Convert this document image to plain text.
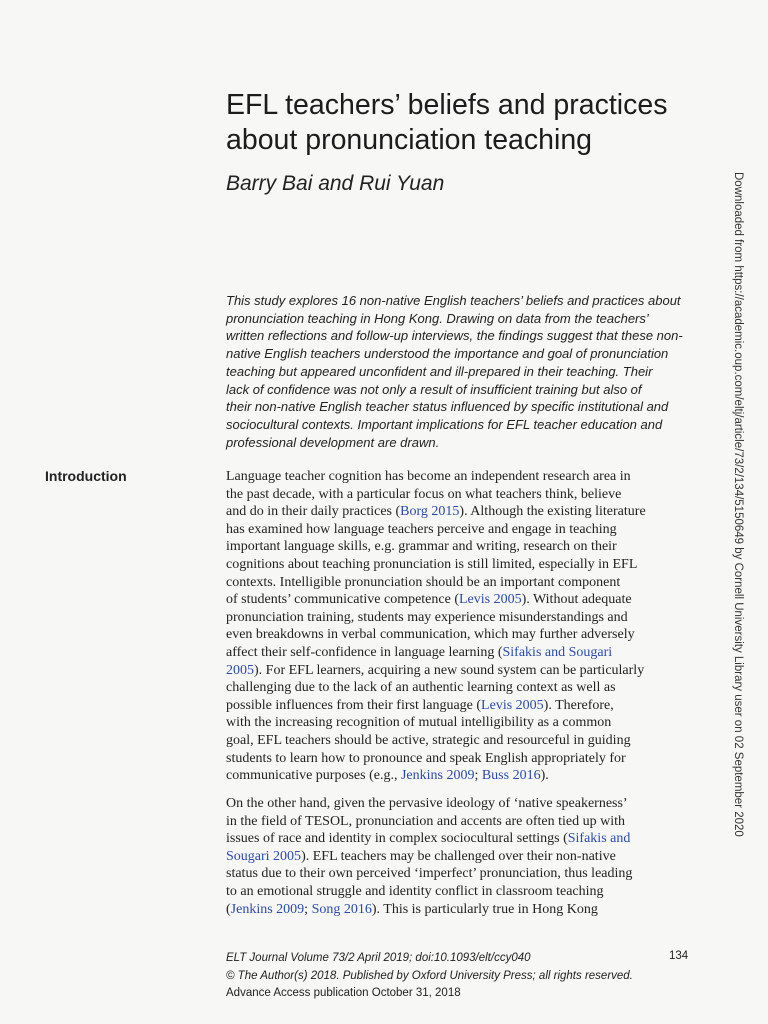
EFL teachers’ beliefs and practices
about pronunciation teaching
Barry Bai and Rui Yuan
This study explores 16 non-native English teachers’ beliefs and practices about
pronunciation teaching in Hong Kong. Drawing on data from the teachers’
written reflections and follow-up interviews, the findings suggest that these non-
native English teachers understood the importance and goal of pronunciation
teaching but appeared unconfident and ill-prepared in their teaching. Their
lack of confidence was not only a result of insufficient training but also of
their non-native English teacher status influenced by specific institutional and
sociocultural contexts. Important implications for EFL teacher education and
professional development are drawn.
Introduction	Language teacher cognition has become an independent research area in
the past decade, with a particular focus on what teachers think, believe
and do in their daily practices (Borg 2015). Although the existing literature
has examined how language teachers perceive and engage in teaching
important language skills, e.g. grammar and writing, research on their
cognitions about teaching pronunciation is still limited, especially in EFL
contexts. Intelligible pronunciation should be an important component
of students’ communicative competence (Levis 2005). Without adequate
pronunciation training, students may experience misunderstandings and
even breakdowns in verbal communication, which may further adversely
affect their self-confidence in language learning (Sifakis and Sougari
2005). For EFL learners, acquiring a new sound system can be particularly
challenging due to the lack of an authentic learning context as well as
possible influences from their first language (Levis 2005). Therefore,
with the increasing recognition of mutual intelligibility as a common
goal, EFL teachers should be active, strategic and resourceful in guiding
students to learn how to pronounce and speak English appropriately for
communicative purposes (e.g., Jenkins 2009; Buss 2016).
On the other hand, given the pervasive ideology of ‘native speakerness’
in the field of TESOL, pronunciation and accents are often tied up with
issues of race and identity in complex sociocultural settings (Sifakis and
Sougari 2005). EFL teachers may be challenged over their non-native
status due to their own perceived ‘imperfect’ pronunciation, thus leading
to an emotional struggle and identity conflict in classroom teaching
(Jenkins 2009; Song 2016). This is particularly true in Hong Kong
ELT Journal Volume 73/2 April 2019; doi:10.1093/elt/ccy040
© The Author(s) 2018. Published by Oxford University Press; all rights reserved.
Advance Access publication October 31, 2018
134
Downloaded from https://academic.oup.com/eltj/article/73/2/134/5150649 by Cornell University Library user on 02 September 2020
